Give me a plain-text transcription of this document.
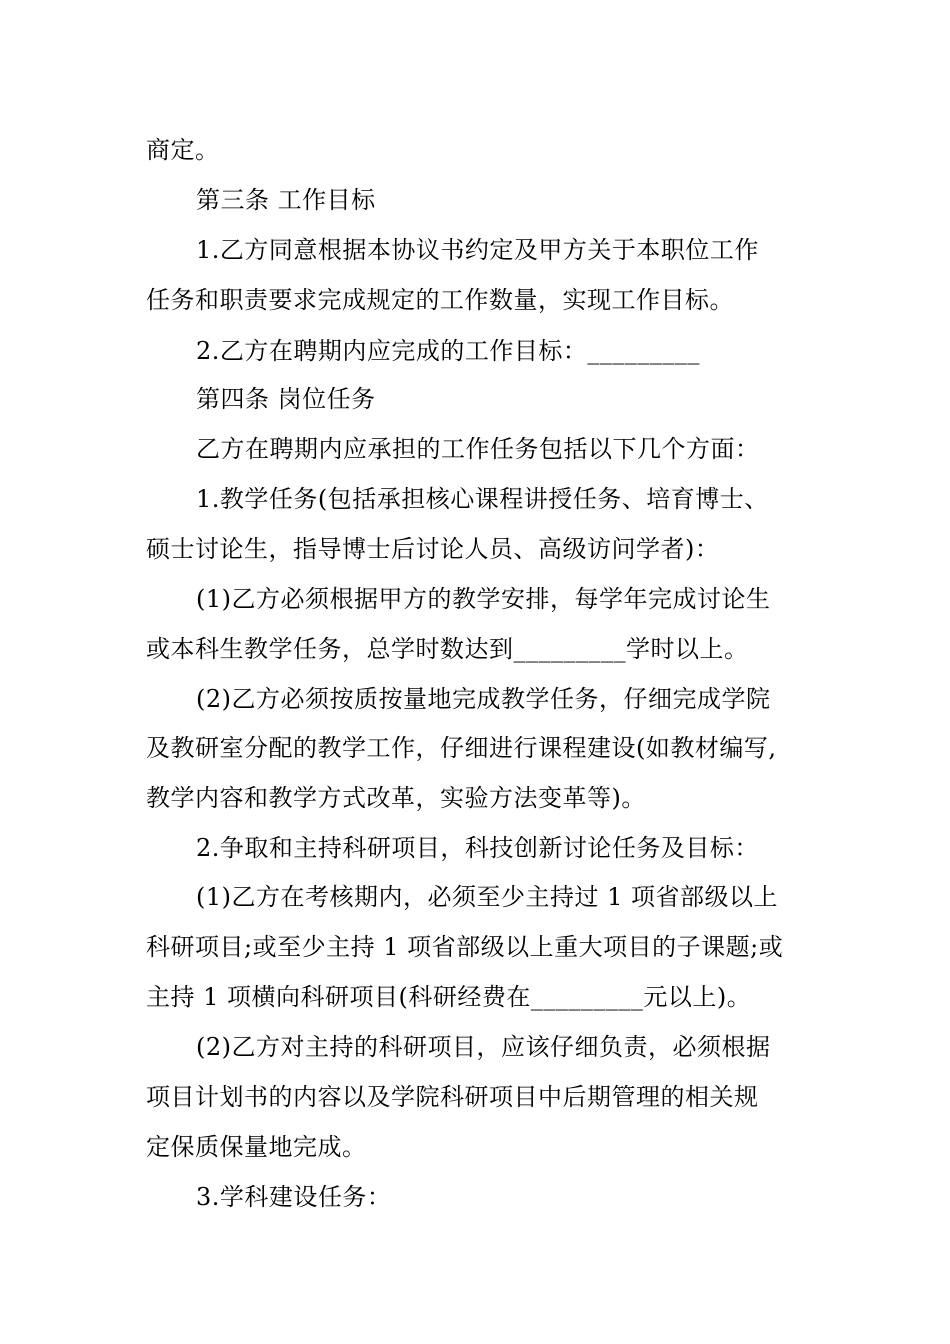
商定。
第三条 工作目标
1.乙方同意根据本协议书约定及甲方关于本职位工作
任务和职责要求完成规定的工作数量，实现工作目标。
2.乙方在聘期内应完成的工作目标：_________
第四条 岗位任务
乙方在聘期内应承担的工作任务包括以下几个方面：
1.教学任务(包括承担核心课程讲授任务、培育博士、
硕士讨论生，指导博士后讨论人员、高级访问学者)：
(1)乙方必须根据甲方的教学安排，每学年完成讨论生
或本科生教学任务，总学时数达到_________学时以上。
(2)乙方必须按质按量地完成教学任务，仔细完成学院
及教研室分配的教学工作，仔细进行课程建设(如教材编写,
教学内容和教学方式改革，实验方法变革等)。
2.争取和主持科研项目，科技创新讨论任务及目标：
(1)乙方在考核期内，必须至少主持过 1 项省部级以上
科研项目;或至少主持 1 项省部级以上重大项目的子课题;或
主持 1 项横向科研项目(科研经费在_________元以上)。
(2)乙方对主持的科研项目，应该仔细负责，必须根据
项目计划书的内容以及学院科研项目中后期管理的相关规
定保质保量地完成。
3.学科建设任务：
